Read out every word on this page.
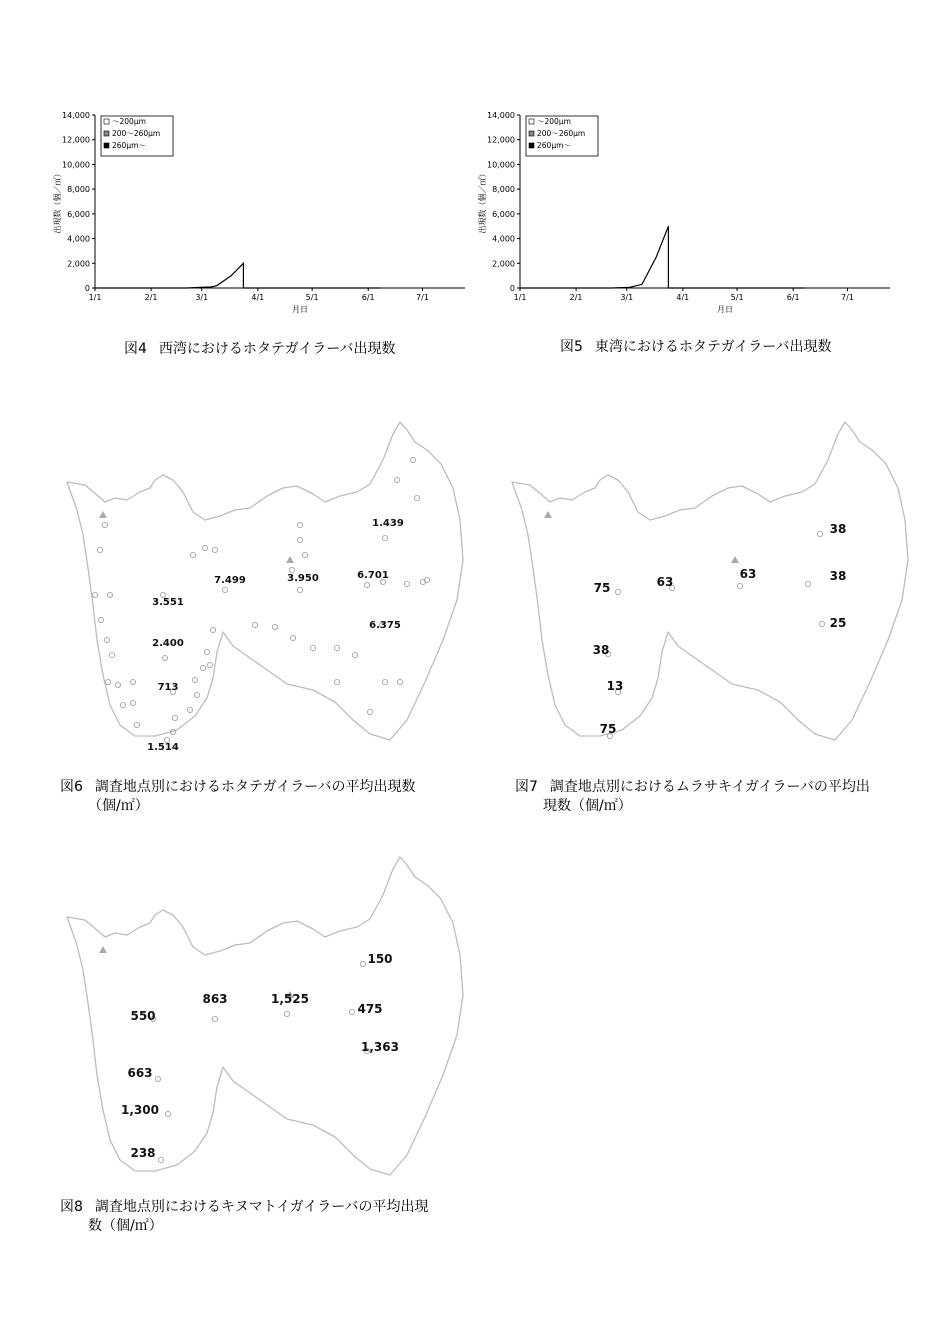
0
2,000
4,000
6,000
8,000
10,000
12,000
14,000
1/1	2/1	3/1	4/1	5/1	6/1	7/1
月日
出現数（個／㎥）
～200μm
200～260μm
260μm～
図4 西湾におけるホタテガイラーバ出現数
0
2,000
4,000
6,000
8,000
10,000
12,000
14,000
1/1	2/1	3/1	4/1	5/1	6/1	7/1
月日
出現数（個／㎥）
～200μm
200～260μm
260μm～
図5 東湾におけるホタテガイラーバ出現数
1.439
7.499	3.950	6.701
3.551
6.375
2.400
713
1.514
図6 調査地点別におけるホタテガイラーバの平均出現数
（個/㎡）
38
75	63
63
38
38
25
13
75
図7 調査地点別におけるムラサキイガイラーバの平均出
現数（個/㎡）
150
863	1,525
550	475
1,363
663
1,300
238
図8 調査地点別におけるキヌマトイガイラーバの平均出現
数（個/㎡）
